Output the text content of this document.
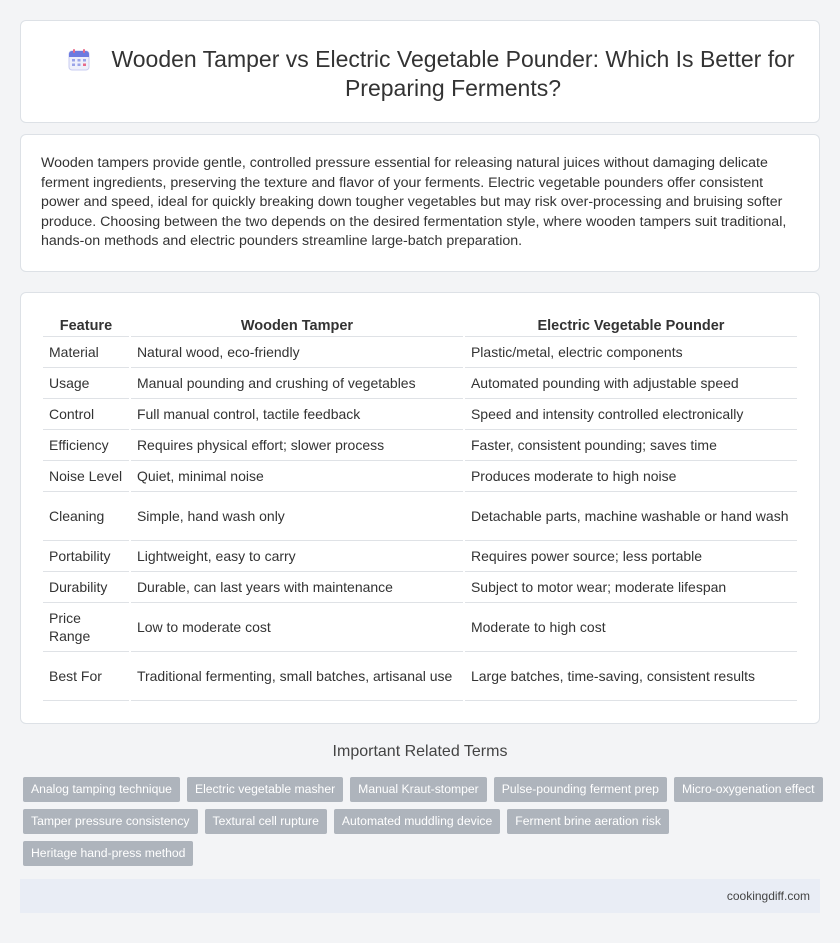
Wooden Tamper vs Electric Vegetable Pounder: Which Is Better for Preparing Ferments?

Wooden tampers provide gentle, controlled pressure essential for releasing natural juices without damaging delicate ferment ingredients, preserving the texture and flavor of your ferments. Electric vegetable pounders offer consistent power and speed, ideal for quickly breaking down tougher vegetables but may risk over-processing and bruising softer produce. Choosing between the two depends on the desired fermentation style, where wooden tampers suit traditional, hands-on methods and electric pounders streamline large-batch preparation.

Feature	Wooden Tamper	Electric Vegetable Pounder
Material	Natural wood, eco-friendly	Plastic/metal, electric components
Usage	Manual pounding and crushing of vegetables	Automated pounding with adjustable speed
Control	Full manual control, tactile feedback	Speed and intensity controlled electronically
Efficiency	Requires physical effort; slower process	Faster, consistent pounding; saves time
Noise Level	Quiet, minimal noise	Produces moderate to high noise
Cleaning	Simple, hand wash only	Detachable parts, machine washable or hand wash
Portability	Lightweight, easy to carry	Requires power source; less portable
Durability	Durable, can last years with maintenance	Subject to motor wear; moderate lifespan
Price Range	Low to moderate cost	Moderate to high cost
Best For	Traditional fermenting, small batches, artisanal use	Large batches, time-saving, consistent results
Important Related Terms
Analog tamping technique	Electric vegetable masher	Manual Kraut-stomper	Pulse-pounding ferment prep	Micro-oxygenation effect
Tamper pressure consistency	Textural cell rupture	Automated muddling device	Ferment brine aeration risk
Heritage hand-press method
cookingdiff.com
